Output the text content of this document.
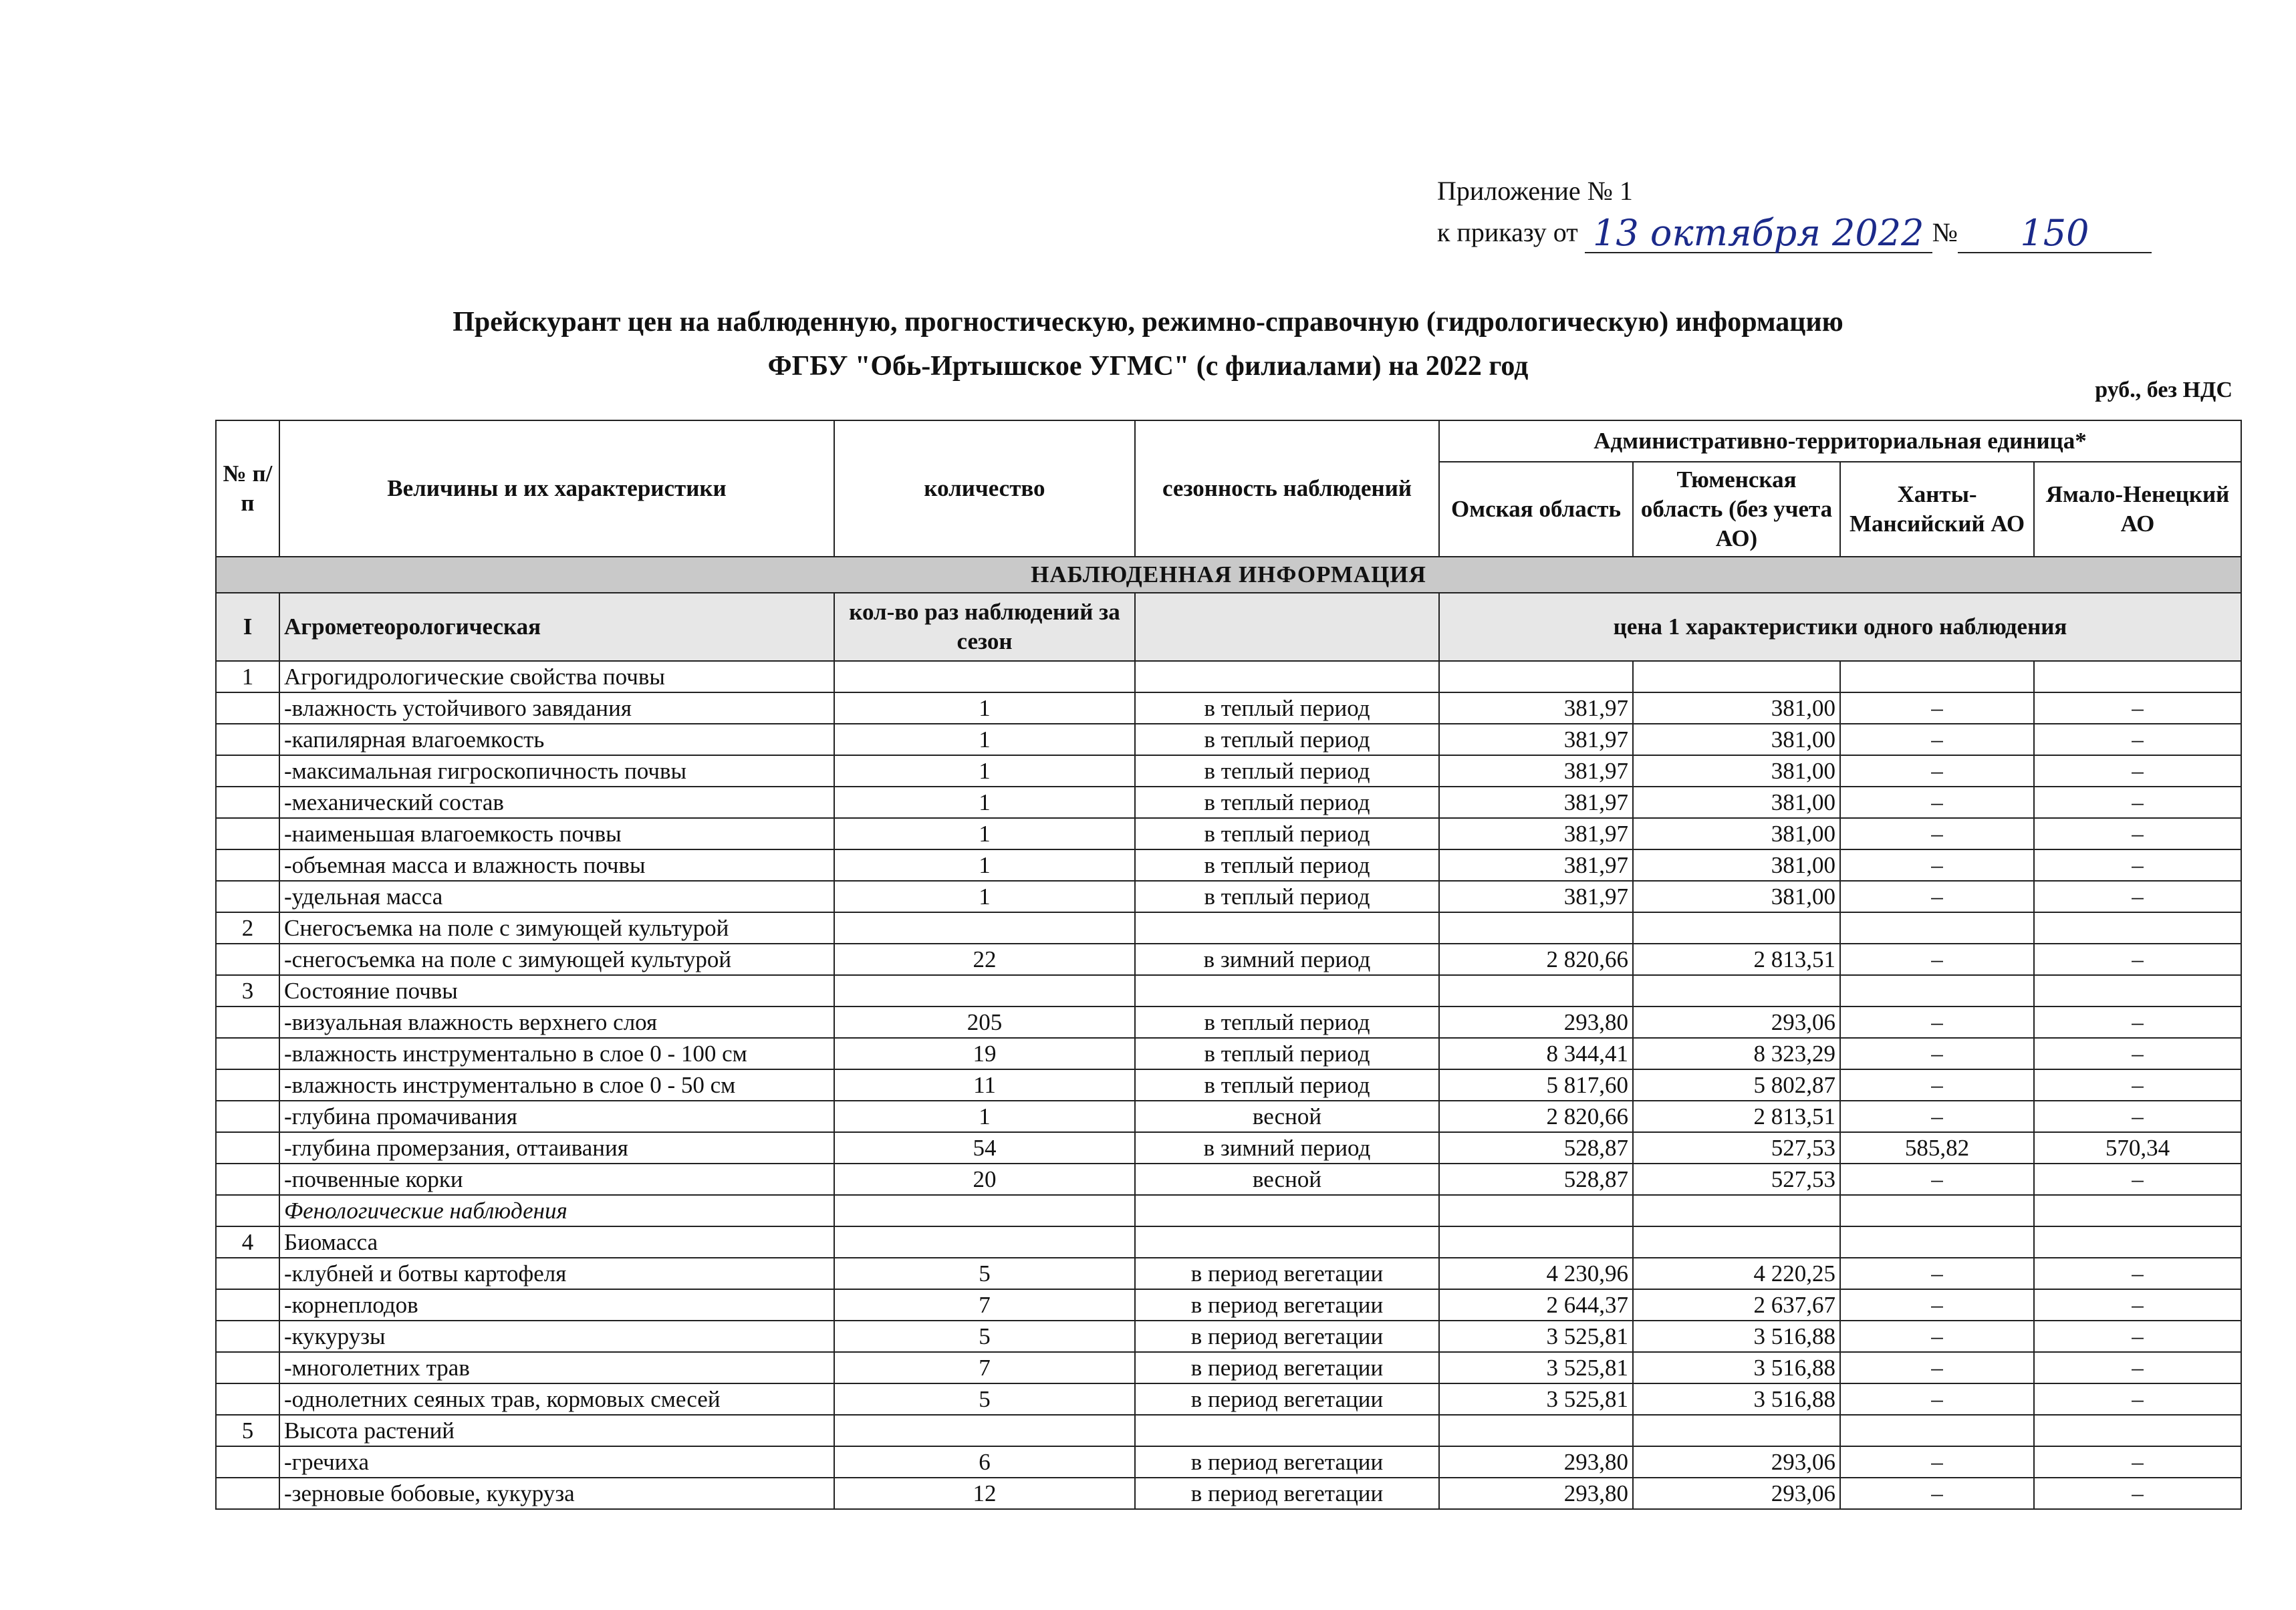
Приложение № 1
к приказу от
13 октября 2022 №	150
Прейскурант цен на наблюденную, прогностическую, режимно-справочную (гидрологическую) информацию
ФГБУ "Обь-Иртышское УГМС" (с филиалами) на 2022 год
руб., без НДС
№ п/п	Величины и их характеристики	количество	сезонность наблюдений	Административно-территориальная единица*			
				Омская область	Тюменская область (без учета АО)	Ханты-Мансийский АО	Ямало-Ненецкий АО
НАБЛЮДЕННАЯ ИНФОРМАЦИЯ							
I	Агрометеорологическая	кол-во раз наблюдений за сезон		цена 1 характеристики одного наблюдения			
1	Агрогидрологические свойства почвы						
	-влажность устойчивого завядания	1	в теплый период	381,97	381,00	–	–
	-капилярная влагоемкость	1	в теплый период	381,97	381,00	–	–
	-максимальная гигроскопичность почвы	1	в теплый период	381,97	381,00	–	–
	-механический состав	1	в теплый период	381,97	381,00	–	–
	-наименьшая влагоемкость почвы	1	в теплый период	381,97	381,00	–	–
	-объемная масса и влажность почвы	1	в теплый период	381,97	381,00	–	–
	-удельная масса	1	в теплый период	381,97	381,00	–	–
2	Снегосъемка на поле с зимующей культурой						
	-снегосъемка на поле с зимующей культурой	22	в зимний период	2 820,66	2 813,51	–	–
3	Состояние почвы						
	-визуальная влажность верхнего слоя	205	в теплый период	293,80	293,06	–	–
	-влажность инструментально в слое 0 - 100 см	19	в теплый период	8 344,41	8 323,29	–	–
	-влажность инструментально в слое 0 - 50 см	11	в теплый период	5 817,60	5 802,87	–	–
	-глубина промачивания	1	весной	2 820,66	2 813,51	–	–
	-глубина промерзания, оттаивания	54	в зимний период	528,87	527,53	585,82	570,34
	-почвенные корки	20	весной	528,87	527,53	–	–
	Фенологические наблюдения						
4	Биомасса						
	-клубней и ботвы картофеля	5	в период вегетации	4 230,96	4 220,25	–	–
	-корнеплодов	7	в период вегетации	2 644,37	2 637,67	–	–
	-кукурузы	5	в период вегетации	3 525,81	3 516,88	–	–
	-многолетних трав	7	в период вегетации	3 525,81	3 516,88	–	–
	-однолетних сеяных трав, кормовых смесей	5	в период вегетации	3 525,81	3 516,88	–	–
5	Высота растений						
	-гречиха	6	в период вегетации	293,80	293,06	–	–
	-зерновые бобовые, кукуруза	12	в период вегетации	293,80	293,06	–	–
